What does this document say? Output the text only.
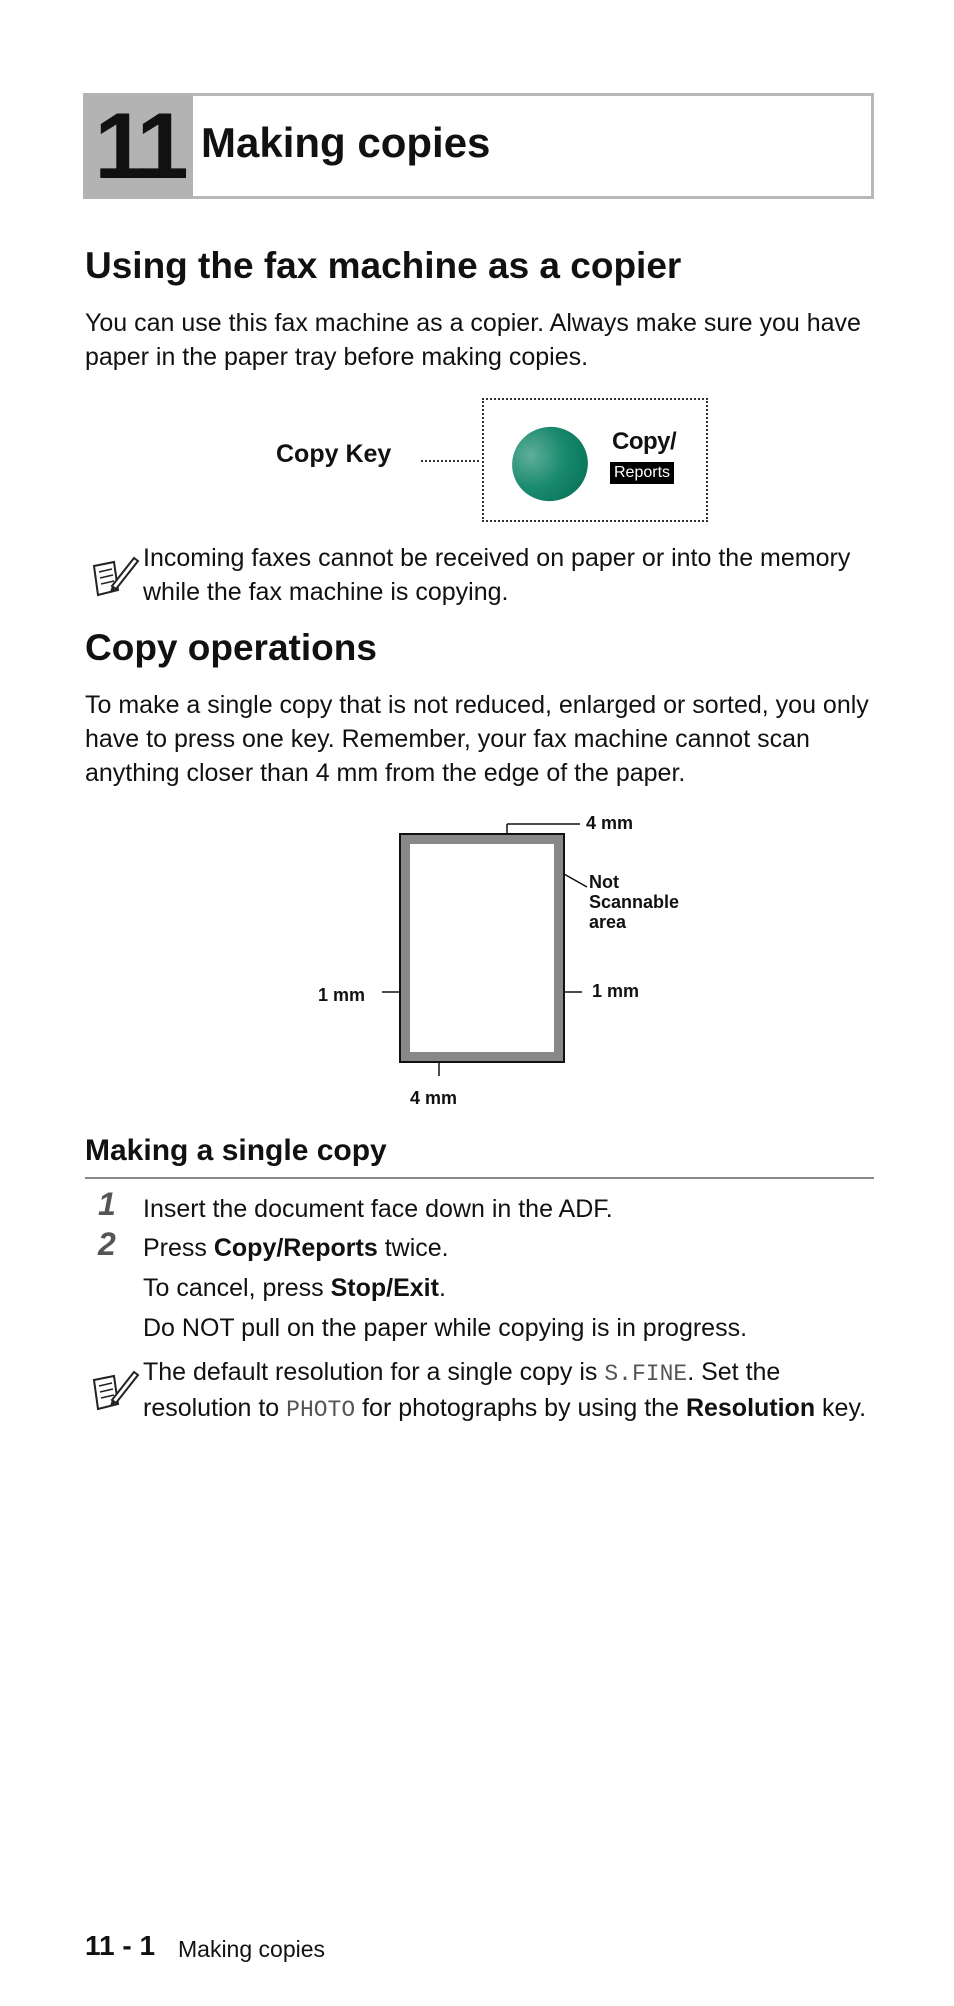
11 Making copies
Using the fax machine as a copier
You can use this fax machine as a copier. Always make sure you have paper in the paper tray before making copies.
Copy Key	Copy/
Reports
Incoming faxes cannot be received on paper or into the memory while the fax machine is copying.
Copy operations
To make a single copy that is not reduced, enlarged or sorted, you only have to press one key. Remember, your fax machine cannot scan anything closer than 4 mm from the edge of the paper.
4 mm
Not
Scannable
area
1 mm
1 mm
4 mm
Making a single copy
1 Insert the document face down in the ADF.
2 Press Copy/Reports twice.
To cancel, press Stop/Exit.
Do NOT pull on the paper while copying is in progress.
The default resolution for a single copy is S.FINE. Set the resolution to PHOTO for photographs by using the Resolution key.
11 - 1 Making copies
